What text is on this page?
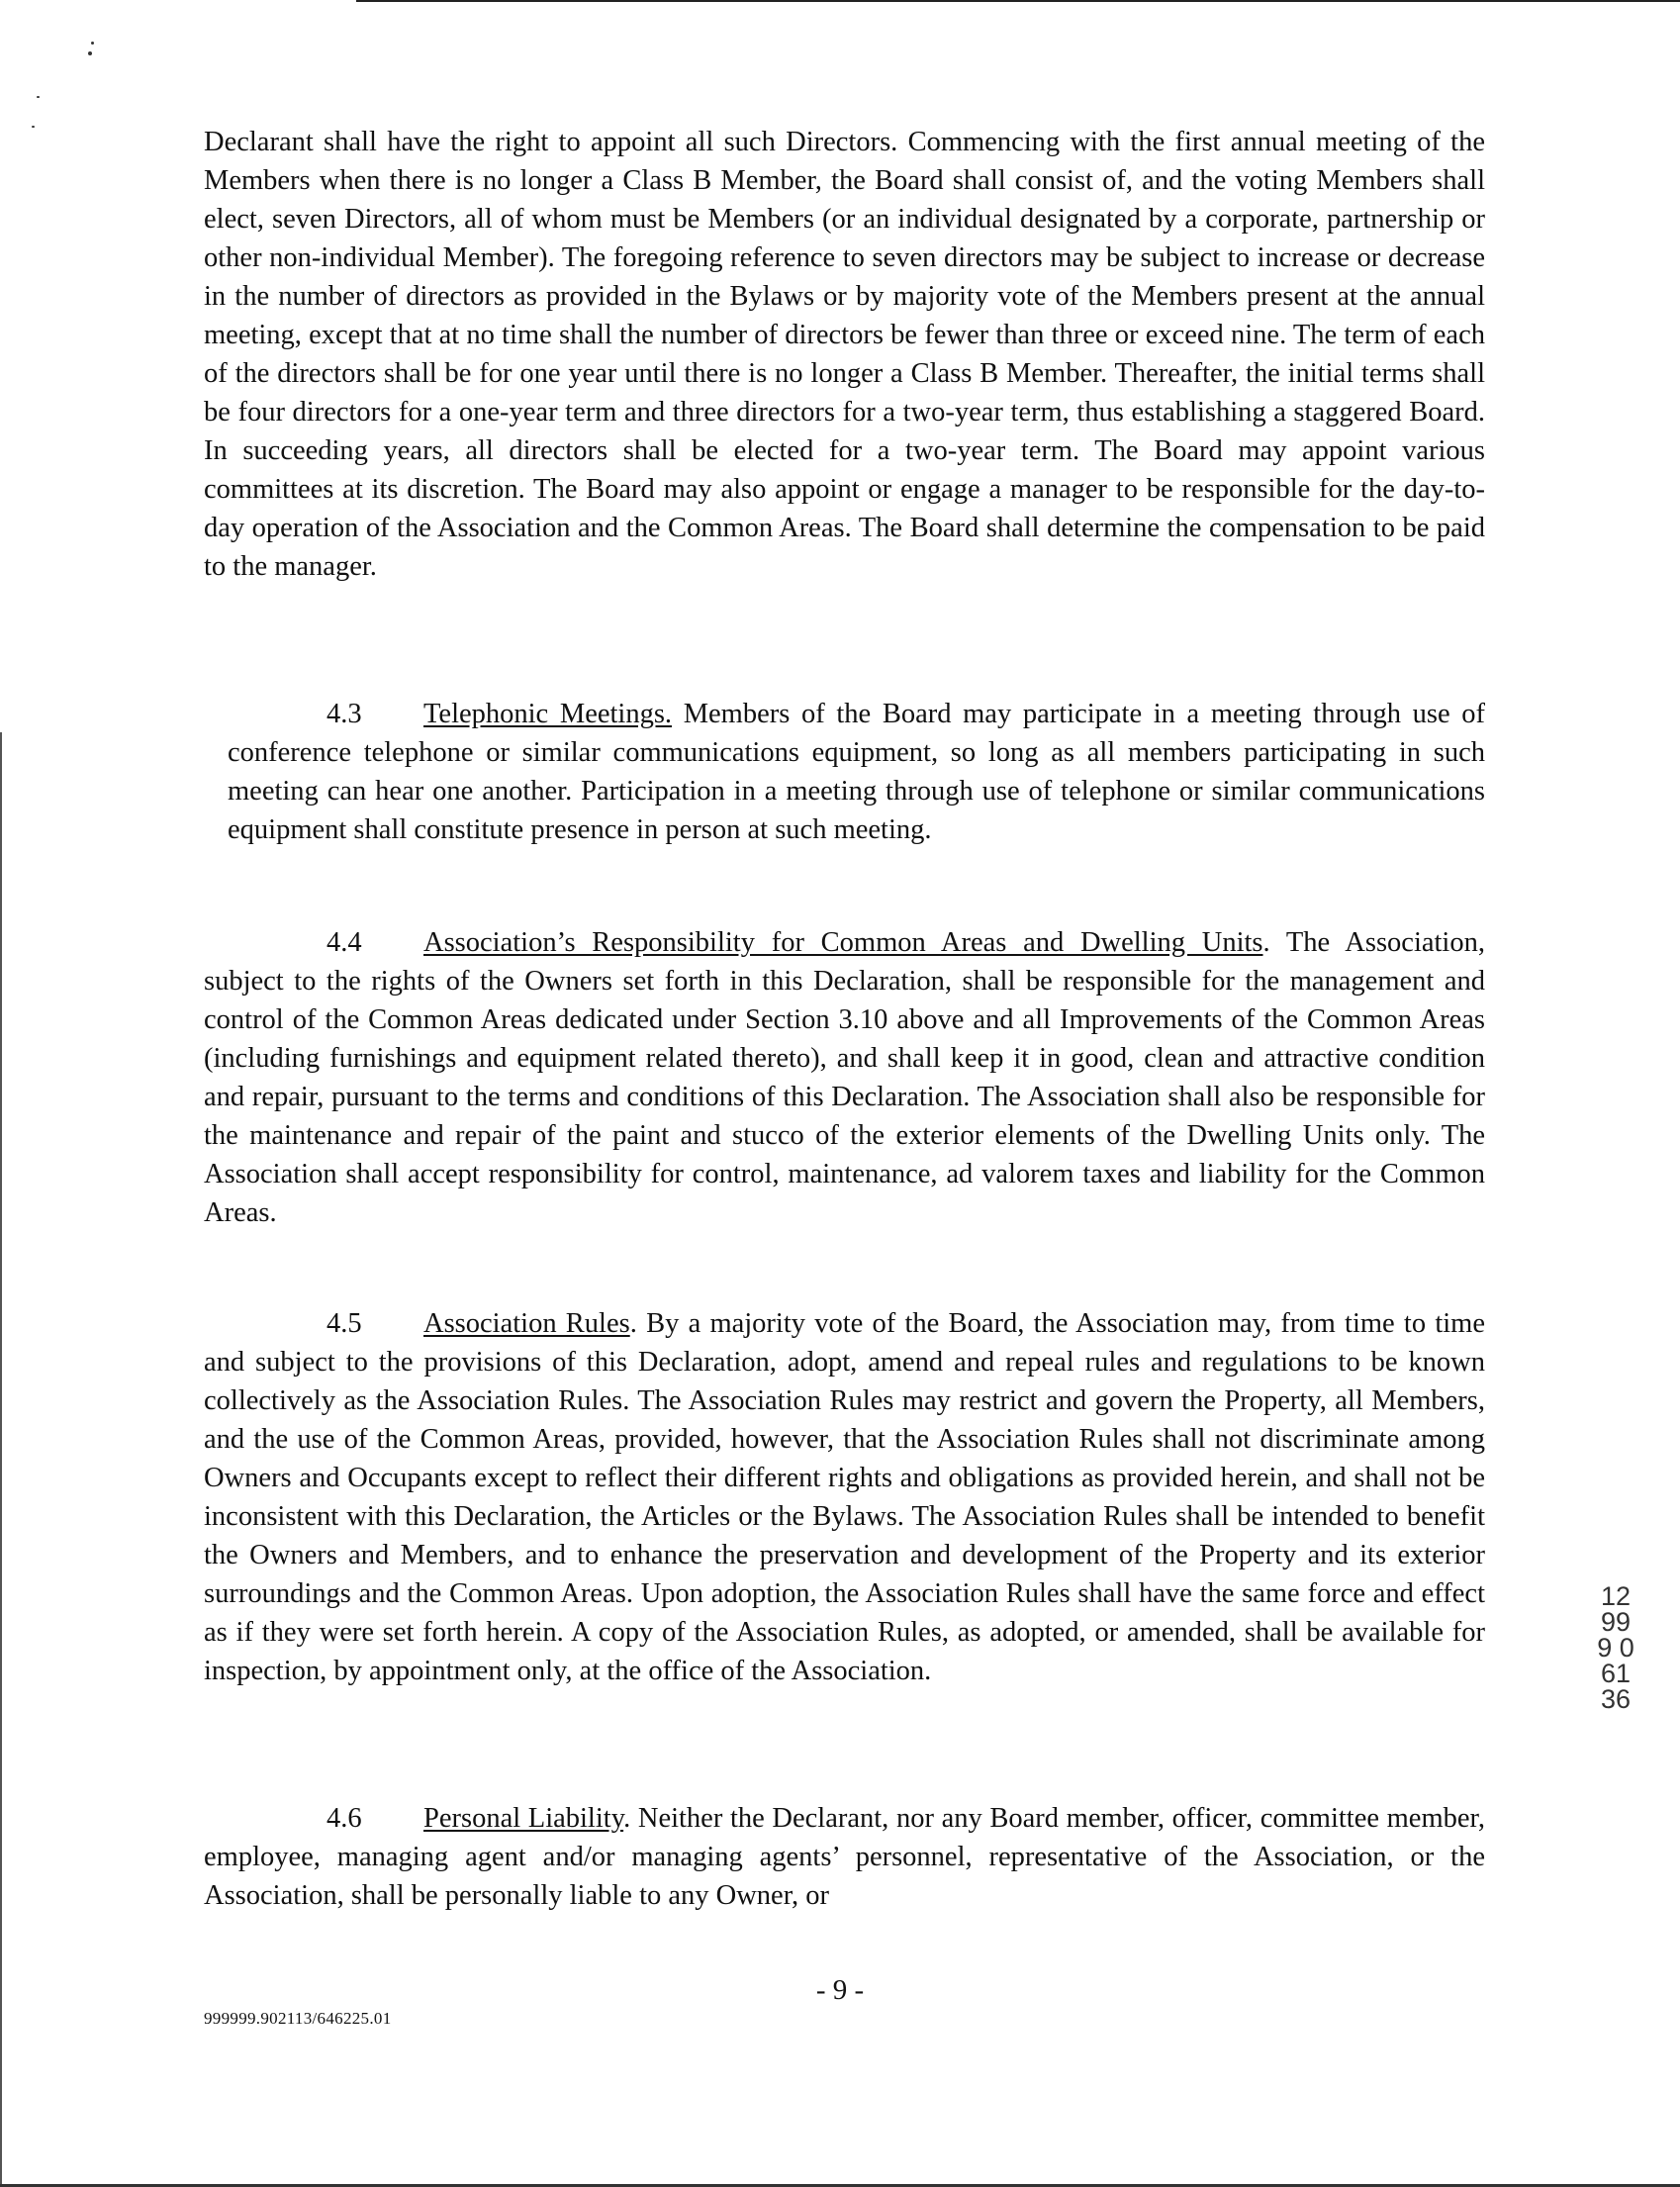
Declarant shall have the right to appoint all such Directors. Commencing with the first annual meeting of the Members when there is no longer a Class B Member, the Board shall consist of, and the voting Members shall elect, seven Directors, all of whom must be Members (or an individual designated by a corporate, partnership or other non-individual Member). The foregoing reference to seven directors may be subject to increase or decrease in the number of directors as provided in the Bylaws or by majority vote of the Members present at the annual meeting, except that at no time shall the number of directors be fewer than three or exceed nine. The term of each of the directors shall be for one year until there is no longer a Class B Member. Thereafter, the initial terms shall be four directors for a one-year term and three directors for a two-year term, thus establishing a staggered Board. In succeeding years, all directors shall be elected for a two-year term. The Board may appoint various committees at its discretion. The Board may also appoint or engage a manager to be responsible for the day-to-day operation of the Association and the Common Areas. The Board shall determine the compensation to be paid to the manager.

4.3 Telephonic Meetings. Members of the Board may participate in a meeting through use of conference telephone or similar communications equipment, so long as all members participating in such meeting can hear one another. Participation in a meeting through use of telephone or similar communications equipment shall constitute presence in person at such meeting.

4.4 Association’s Responsibility for Common Areas and Dwelling Units. The Association, subject to the rights of the Owners set forth in this Declaration, shall be responsible for the management and control of the Common Areas dedicated under Section 3.10 above and all Improvements of the Common Areas (including furnishings and equipment related thereto), and shall keep it in good, clean and attractive condition and repair, pursuant to the terms and conditions of this Declaration. The Association shall also be responsible for the maintenance and repair of the paint and stucco of the exterior elements of the Dwelling Units only. The Association shall accept responsibility for control, maintenance, ad valorem taxes and liability for the Common Areas.

4.5 Association Rules. By a majority vote of the Board, the Association may, from time to time and subject to the provisions of this Declaration, adopt, amend and repeal rules and regulations to be known collectively as the Association Rules. The Association Rules may restrict and govern the Property, all Members, and the use of the Common Areas, provided, however, that the Association Rules shall not discriminate among Owners and Occupants except to reflect their different rights and obligations as provided herein, and shall not be inconsistent with this Declaration, the Articles or the Bylaws. The Association Rules shall be intended to benefit the Owners and Members, and to enhance the preservation and development of the Property and its exterior surroundings and the Common Areas. Upon adoption, the Association Rules shall have the same force and effect as if they were set forth herein. A copy of the Association Rules, as adopted, or amended, shall be available for inspection, by appointment only, at the office of the Association.

4.6 Personal Liability. Neither the Declarant, nor any Board member, officer, committee member, employee, managing agent and/or managing agents’ personnel, representative of the Association, or the Association, shall be personally liable to any Owner, or

- 9 -
999999.902113/646225.01
12999 06136
